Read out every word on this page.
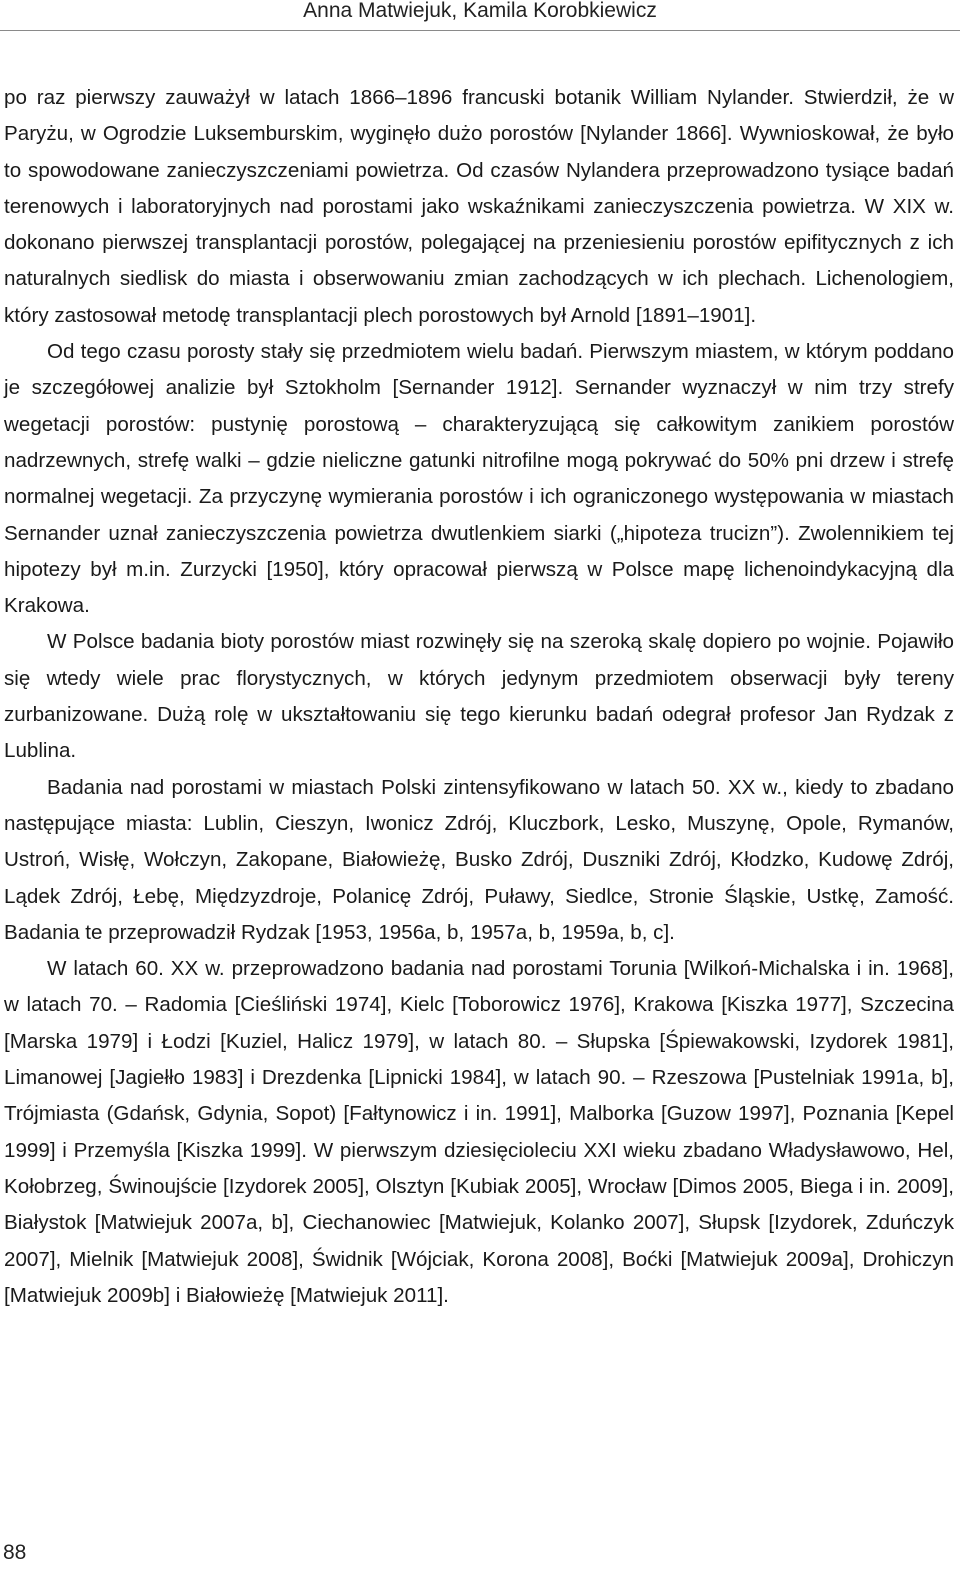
Anna Matwiejuk, Kamila Korobkiewicz

po raz pierwszy zauważył w latach 1866–1896 francuski botanik William Nylander. Stwierdził, że w Paryżu, w Ogrodzie Luksemburskim, wyginęło dużo porostów [Nylander 1866]. Wywnioskował, że było to spowodowane zanieczyszczeniami powietrza. Od czasów Nylandera przeprowadzono tysiące badań terenowych i laboratoryjnych nad porostami jako wskaźnikami zanieczyszczenia powietrza. W XIX w. dokonano pierwszej transplantacji porostów, polegającej na przeniesieniu porostów epifitycznych z ich naturalnych siedlisk do miasta i obserwowaniu zmian zachodzących w ich plechach. Lichenologiem, który zastosował metodę transplantacji plech porostowych był Arnold [1891–1901].

Od tego czasu porosty stały się przedmiotem wielu badań. Pierwszym miastem, w którym poddano je szczegółowej analizie był Sztokholm [Sernander 1912]. Sernander wyznaczył w nim trzy strefy wegetacji porostów: pustynię porostową – charakteryzującą się całkowitym zanikiem porostów nadrzewnych, strefę walki – gdzie nieliczne gatunki nitrofilne mogą pokrywać do 50% pni drzew i strefę normalnej wegetacji. Za przyczynę wymierania porostów i ich ograniczonego występowania w miastach Sernander uznał zanieczyszczenia powietrza dwutlenkiem siarki („hipoteza trucizn”). Zwolennikiem tej hipotezy był m.in. Zurzycki [1950], który opracował pierwszą w Polsce mapę lichenoindykacyjną dla Krakowa.

W Polsce badania bioty porostów miast rozwinęły się na szeroką skalę dopiero po wojnie. Pojawiło się wtedy wiele prac florystycznych, w których jedynym przedmiotem obserwacji były tereny zurbanizowane. Dużą rolę w ukształtowaniu się tego kierunku badań odegrał profesor Jan Rydzak z Lublina.

Badania nad porostami w miastach Polski zintensyfikowano w latach 50. XX w., kiedy to zbadano następujące miasta: Lublin, Cieszyn, Iwonicz Zdrój, Kluczbork, Lesko, Muszynę, Opole, Rymanów, Ustroń, Wisłę, Wołczyn, Zakopane, Białowieżę, Busko Zdrój, Duszniki Zdrój, Kłodzko, Kudowę Zdrój, Lądek Zdrój, Łebę, Międzyzdroje, Polanicę Zdrój, Puławy, Siedlce, Stronie Śląskie, Ustkę, Zamość. Badania te przeprowadził Rydzak [1953, 1956a, b, 1957a, b, 1959a, b, c].

W latach 60. XX w. przeprowadzono badania nad porostami Torunia [Wilkoń-Michalska i in. 1968], w latach 70. – Radomia [Cieśliński 1974], Kielc [Toborowicz 1976], Krakowa [Kiszka 1977], Szczecina [Marska 1979] i Łodzi [Kuziel, Halicz 1979], w latach 80. – Słupska [Śpiewakowski, Izydorek 1981], Limanowej [Jagiełło 1983] i Drezdenka [Lipnicki 1984], w latach 90. – Rzeszowa [Pustelniak 1991a, b], Trójmiasta (Gdańsk, Gdynia, Sopot) [Fałtynowicz i in. 1991], Malborka [Guzow 1997], Poznania [Kepel 1999] i Przemyśla [Kiszka 1999]. W pierwszym dziesięcioleciu XXI wieku zbadano Władysławowo, Hel, Kołobrzeg, Świnoujście [Izydorek 2005], Olsztyn [Kubiak 2005], Wrocław [Dimos 2005, Biega i in. 2009], Białystok [Matwiejuk 2007a, b], Ciechanowiec [Matwiejuk, Kolanko 2007], Słupsk [Izydorek, Zduńczyk 2007], Mielnik [Matwiejuk 2008], Świdnik [Wójciak, Korona 2008], Boćki [Matwiejuk 2009a], Drohiczyn [Matwiejuk 2009b] i Białowieżę [Matwiejuk 2011].

88
